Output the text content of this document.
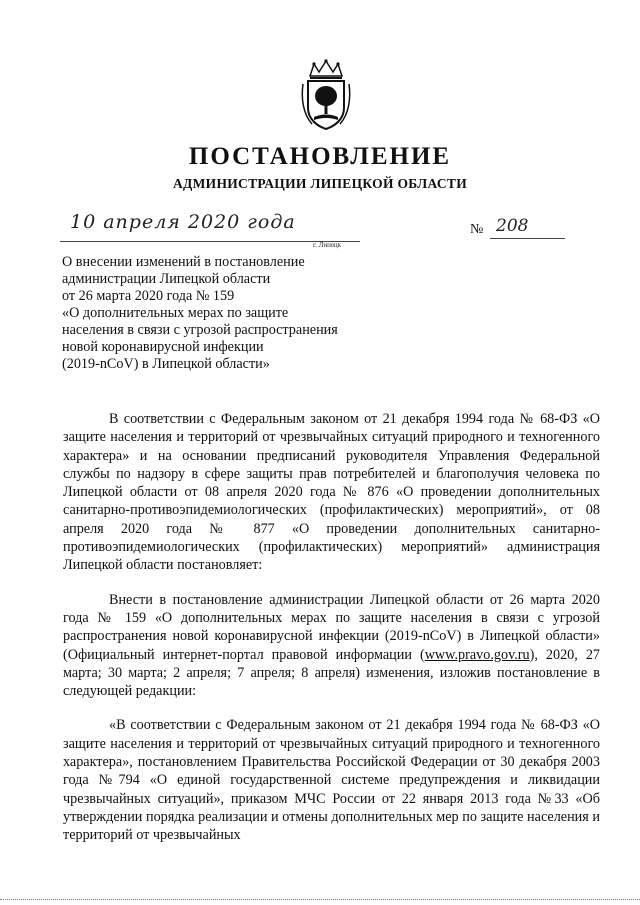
ПОСТАНОВЛЕНИЕ
АДМИНИСТРАЦИИ ЛИПЕЦКОЙ ОБЛАСТИ
10 апреля 2020 года
г. Липецк
№ 208
О внесении изменений в постановление
администрации Липецкой области
от 26 марта 2020 года № 159
«О дополнительных мерах по защите
населения в связи с угрозой распространения
новой коронавирусной инфекции
(2019-nCoV) в Липецкой области»

В соответствии с Федеральным законом от 21 декабря 1994 года № 68-ФЗ «О защите населения и территорий от чрезвычайных ситуаций природного и техногенного характера» и на основании предписаний руководителя Управления Федеральной службы по надзору в сфере защиты прав потребителей и благополучия человека по Липецкой области от 08 апреля 2020 года № 876 «О проведении дополнительных санитарно-противоэпидемиологических (профилактических) мероприятий», от 08 апреля 2020 года № 877 «О проведении дополнительных санитарно-противоэпидемиологических (профилактических) мероприятий» администрация Липецкой области постановляет:

Внести в постановление администрации Липецкой области от 26 марта 2020 года № 159 «О дополнительных мерах по защите населения в связи с угрозой распространения новой коронавирусной инфекции (2019-nCoV) в Липецкой области» (Официальный интернет-портал правовой информации (www.pravo.gov.ru), 2020, 27 марта; 30 марта; 2 апреля; 7 апреля; 8 апреля) изменения, изложив постановление в следующей редакции:

«В соответствии с Федеральным законом от 21 декабря 1994 года № 68-ФЗ «О защите населения и территорий от чрезвычайных ситуаций природного и техногенного характера», постановлением Правительства Российской Федерации от 30 декабря 2003 года №794 «О единой государственной системе предупреждения и ликвидации чрезвычайных ситуаций», приказом МЧС России от 22 января 2013 года №33 «Об утверждении порядка реализации и отмены дополнительных мер по защите населения и территорий от чрезвычайных
